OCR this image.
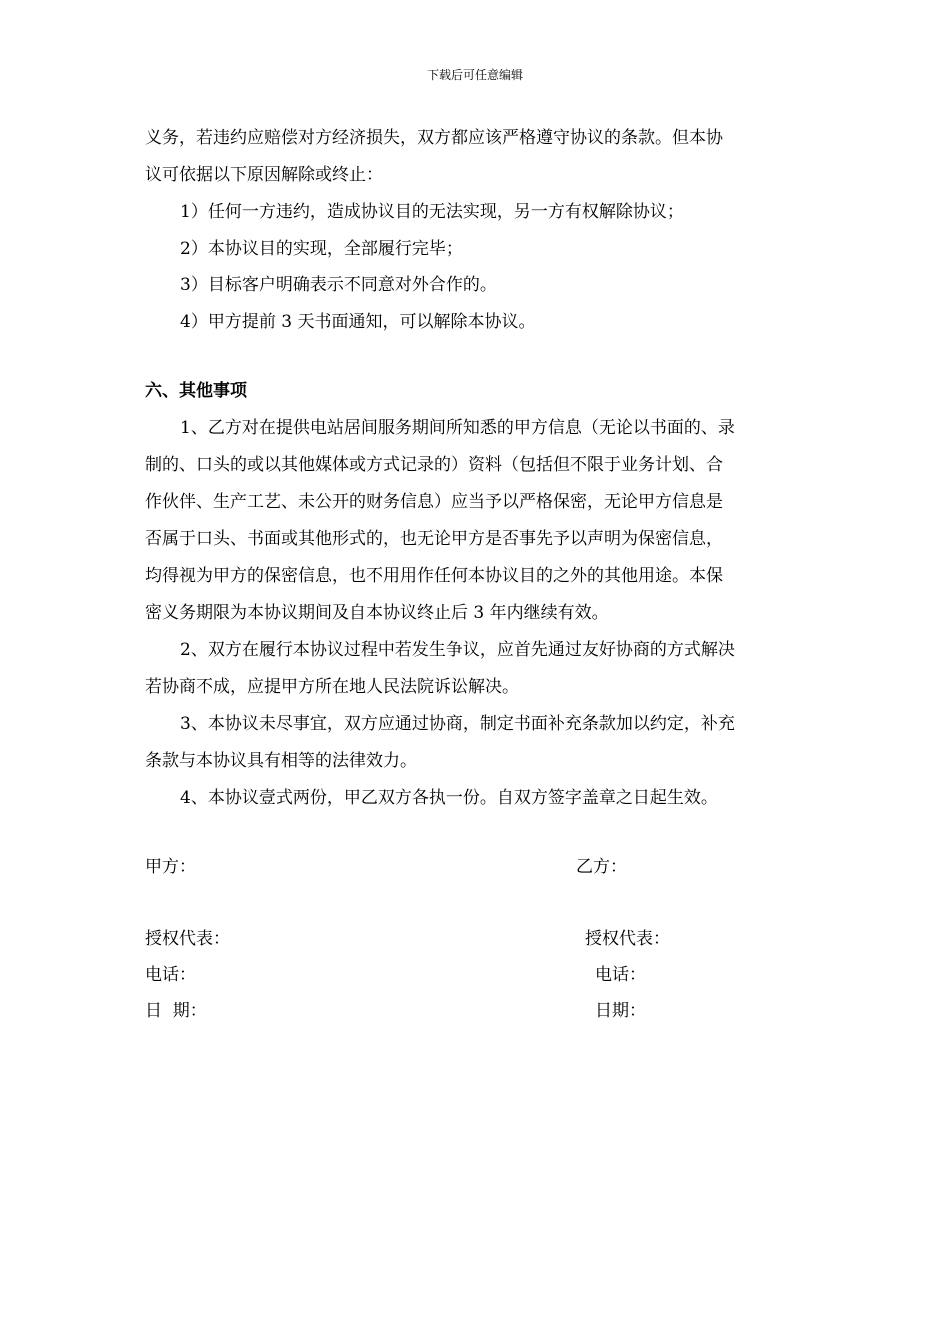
下载后可任意编辑
义务，若违约应赔偿对方经济损失，双方都应该严格遵守协议的条款。但本协
议可依据以下原因解除或终止：
1）任何一方违约，造成协议目的无法实现，另一方有权解除协议；
2）本协议目的实现，全部履行完毕；
3）目标客户明确表示不同意对外合作的。
4）甲方提前 3 天书面通知，可以解除本协议。
六、其他事项
1、乙方对在提供电站居间服务期间所知悉的甲方信息（无论以书面的、录
制的、口头的或以其他媒体或方式记录的）资料（包括但不限于业务计划、合
作伙伴、生产工艺、未公开的财务信息）应当予以严格保密，无论甲方信息是
否属于口头、书面或其他形式的，也无论甲方是否事先予以声明为保密信息，
均得视为甲方的保密信息，也不用用作任何本协议目的之外的其他用途。本保
密义务期限为本协议期间及自本协议终止后 3 年内继续有效。
2、双方在履行本协议过程中若发生争议，应首先通过友好协商的方式解决
若协商不成，应提甲方所在地人民法院诉讼解决。
3、本协议未尽事宜，双方应通过协商，制定书面补充条款加以约定，补充
条款与本协议具有相等的法律效力。
4、本协议壹式两份，甲乙双方各执一份。自双方签字盖章之日起生效。
甲方：	乙方：
授权代表：	授权代表：
电话：	电话：
日  期：	日期：
